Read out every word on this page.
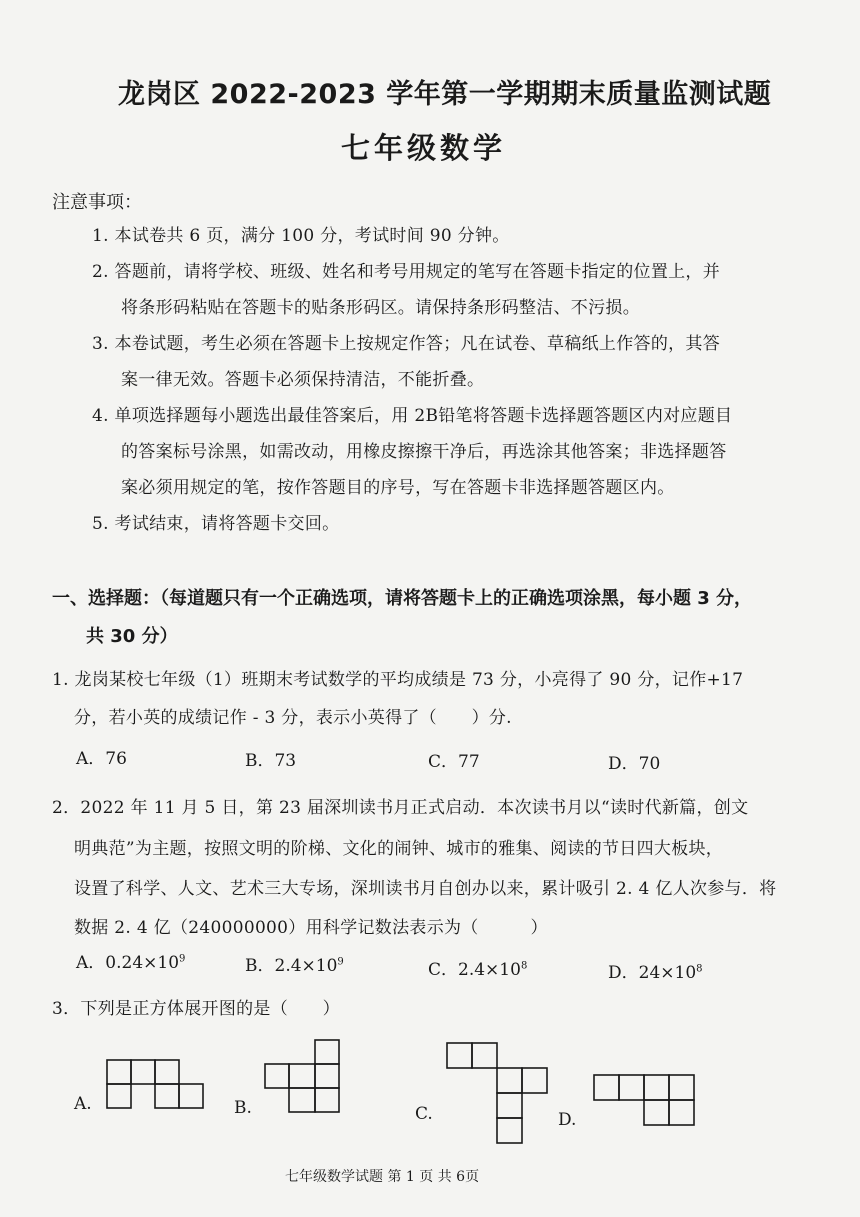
龙岗区 2022-2023 学年第一学期期末质量监测试题
七年级数学
注意事项：
1. 本试卷共 6 页，满分 100 分，考试时间 90 分钟。
2. 答题前，请将学校、班级、姓名和考号用规定的笔写在答题卡指定的位置上，并
将条形码粘贴在答题卡的贴条形码区。请保持条形码整洁、不污损。
3. 本卷试题，考生必须在答题卡上按规定作答；凡在试卷、草稿纸上作答的，其答
案一律无效。答题卡必须保持清洁，不能折叠。
4. 单项选择题每小题选出最佳答案后，用 2B铅笔将答题卡选择题答题区内对应题目
的答案标号涂黑，如需改动，用橡皮擦擦干净后，再选涂其他答案；非选择题答
案必须用规定的笔，按作答题目的序号，写在答题卡非选择题答题区内。
5. 考试结束，请将答题卡交回。
一、选择题：（每道题只有一个正确选项，请将答题卡上的正确选项涂黑，每小题 3 分，
共 30 分）
1. 龙岗某校七年级（1）班期末考试数学的平均成绩是 73 分，小亮得了 90 分，记作+17
分，若小英的成绩记作 - 3 分，表示小英得了（　　）分.
A．76	B．73	C．77	D．70
2．2022 年 11 月 5 日，第 23 届深圳读书月正式启动．本次读书月以“读时代新篇，创文
明典范”为主题，按照文明的阶梯、文化的闹钟、城市的雅集、阅读的节日四大板块，
设置了科学、人文、艺术三大专场，深圳读书月自创办以来，累计吸引 2. 4 亿人次参与．将
数据 2. 4 亿（240000000）用科学记数法表示为（　　　）
A．$0.24\times 10^9$	B．$2.4\times 10^9$	C．$2.4\times 10^8$	D．$24\times 10^8$
3．下列是正方体展开图的是（　　）
A.	B.	C.	D.
七年级数学试题 第 1 页 共 6页
